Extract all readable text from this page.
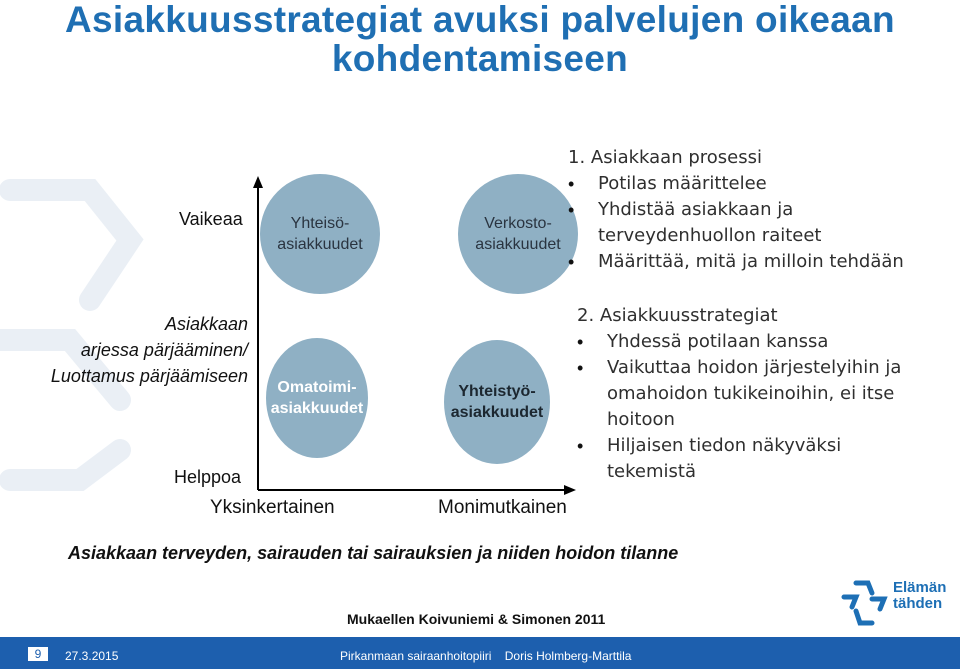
Asiakkuusstrategiat avuksi palvelujen oikeaan
kohdentamiseen
Vaikeaa
Asiakkaan
arjessa pärjääminen/
Luottamus pärjäämiseen
Helppoa
Yksinkertainen	Monimutkainen
Yhteisö-
asiakkuudet
Verkosto-
asiakkuudet
Omatoimi-
asiakkuudet
Yhteistyö-
asiakkuudet
1. Asiakkaan prosessi
• Potilas määrittelee
• Yhdistää asiakkaan ja terveydenhuollon raiteet
• Määrittää, mitä ja milloin tehdään
2. Asiakkuusstrategiat
• Yhdessä potilaan kanssa
• Vaikuttaa hoidon järjestelyihin ja omahoidon tukikeinoihin, ei itse hoitoon
• Hiljaisen tiedon näkyväksi tekemistä
Asiakkaan terveyden, sairauden tai sairauksien ja niiden hoidon tilanne
Mukaellen Koivuniemi & Simonen 2011
Elämän
tähden
9	27.3.2015	Pirkanmaan sairaanhoitopiiri    Doris Holmberg-Marttila
